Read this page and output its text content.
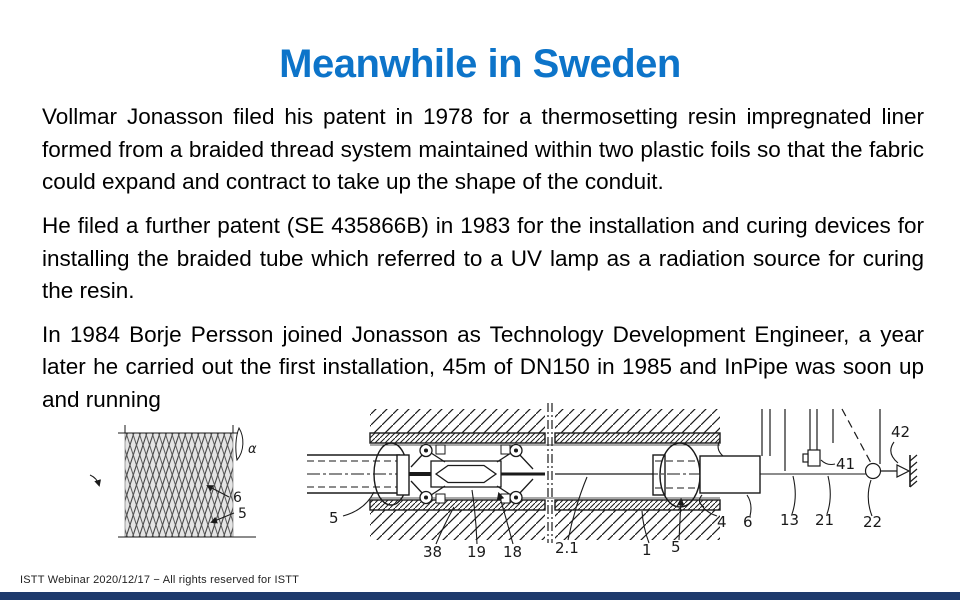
Meanwhile in Sweden

Vollmar Jonasson filed his patent in 1978 for a thermosetting resin impregnated liner formed from a braided thread system maintained within two plastic foils so that the fabric could expand and contract to take up the shape of the conduit.

He filed a further patent (SE 435866B) in 1983 for the installation and curing devices for installing the braided tube which referred to a UV lamp as a radiation source for curing the resin.

In 1984 Borje Persson joined Jonasson as Technology Development Engineer, a year later he carried out the first installation, 45m of DN150 in 1985 and InPipe was soon up and running

α
6
5	5
38 19 18 2.1	1 5
4 6 13 21 22
41
42
ISTT Webinar 2020/12/17 − All rights reserved for ISTT
